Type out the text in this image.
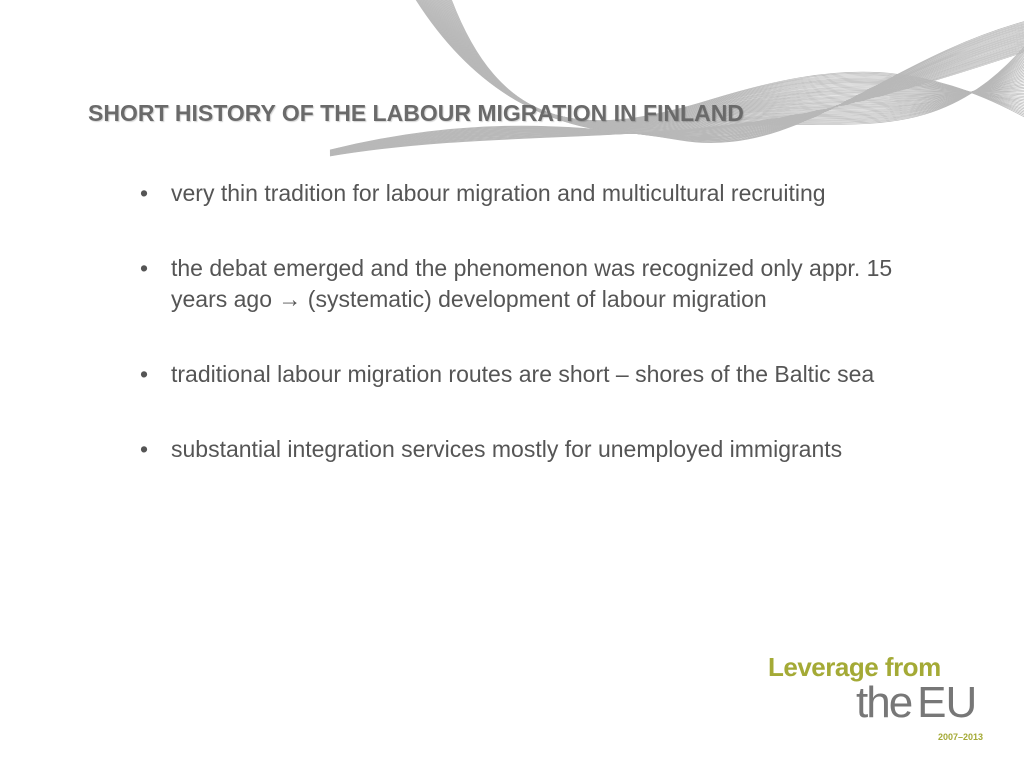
SHORT HISTORY OF THE LABOUR MIGRATION IN FINLAND
• very thin tradition for labour migration and multicultural recruiting
• the debat emerged and the phenomenon was recognized only appr. 15 years ago → (systematic) development of labour migration
• traditional labour migration routes are short – shores of the Baltic sea
• substantial integration services mostly for unemployed immigrants
Leverage from
the EU
2007–2013
